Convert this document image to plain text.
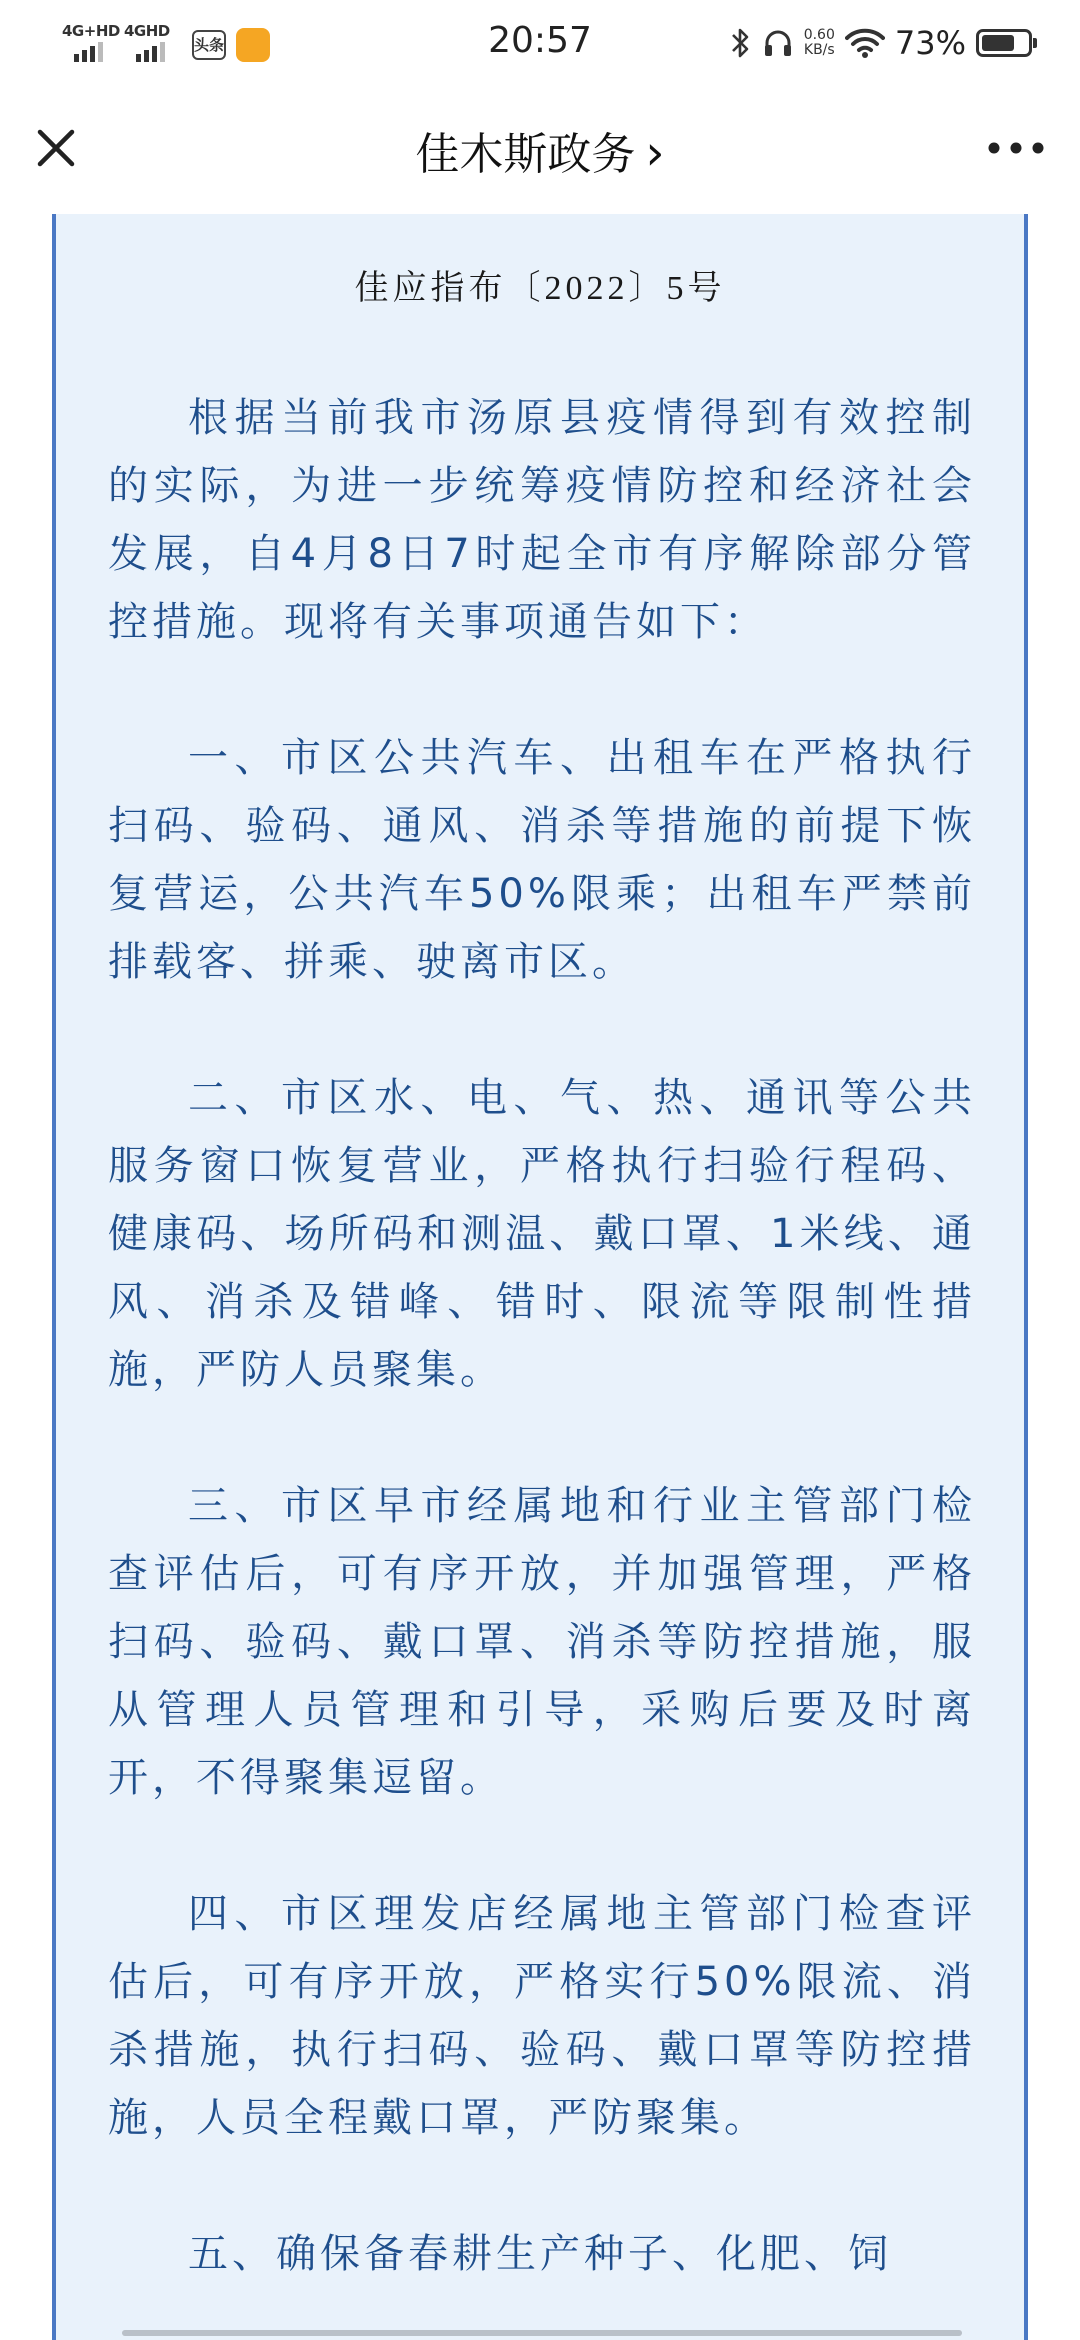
4G+HD 4GHD
头条	20:57	0.60
KB/s 73%
佳木斯政务 ›
佳应指布〔2022〕5号

根据当前我市汤原县疫情得到有效控制的实际，为进一步统筹疫情防控和经济社会发展，自4月8日7时起全市有序解除部分管控措施。现将有关事项通告如下：

一、市区公共汽车、出租车在严格执行扫码、验码、通风、消杀等措施的前提下恢复营运，公共汽车50%限乘；出租车严禁前排载客、拼乘、驶离市区。

二、市区水、电、气、热、通讯等公共服务窗口恢复营业，严格执行扫验行程码、健康码、场所码和测温、戴口罩、1米线、通风、消杀及错峰、错时、限流等限制性措施，严防人员聚集。

三、市区早市经属地和行业主管部门检查评估后，可有序开放，并加强管理，严格扫码、验码、戴口罩、消杀等防控措施，服从管理人员管理和引导，采购后要及时离开，不得聚集逗留。

四、市区理发店经属地主管部门检查评估后，可有序开放，严格实行50%限流、消杀措施，执行扫码、验码、戴口罩等防控措施，人员全程戴口罩，严防聚集。

五、确保备春耕生产种子、化肥、饲
